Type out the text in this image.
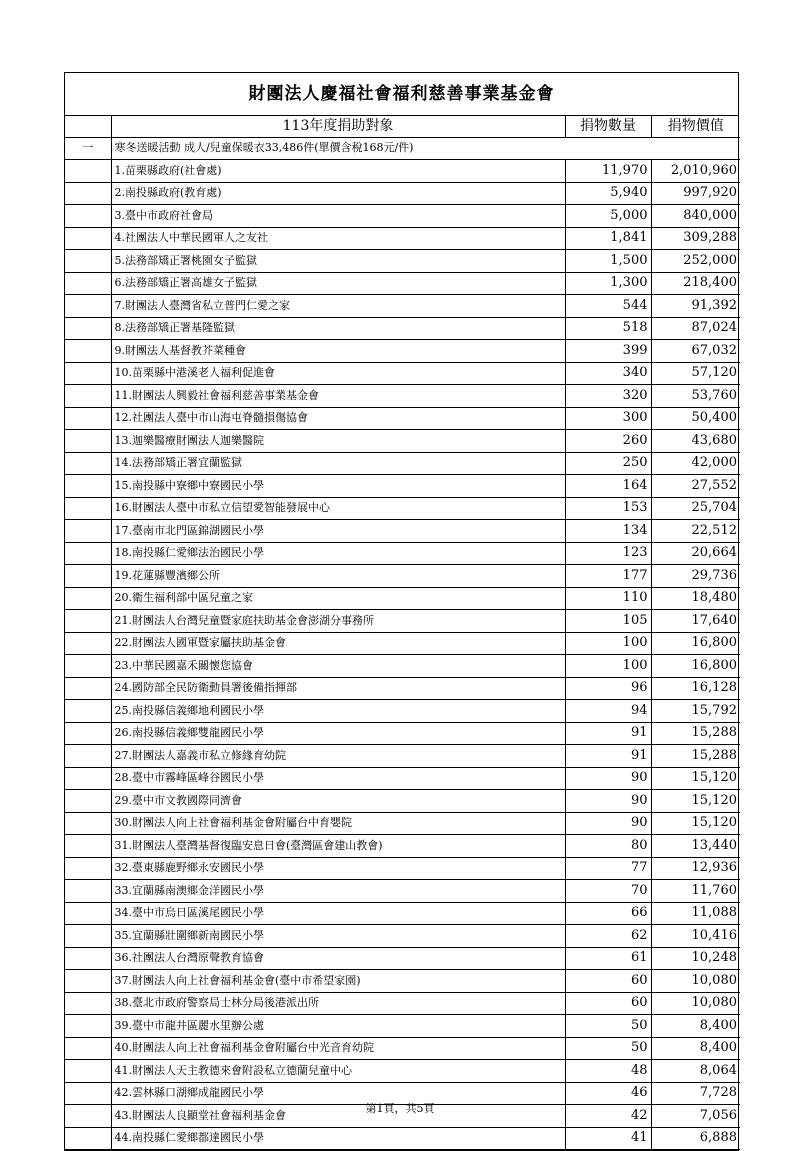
財團法人慶福社會福利慈善事業基金會
	113年度捐助對象	捐物數量	捐物價值
一	寒冬送暖活動 成人/兒童保暖衣33,486件(單價含稅168元/件)		
	1.苗栗縣政府(社會處)	11,970	2,010,960
	2.南投縣政府(教育處)	5,940	997,920
	3.臺中市政府社會局	5,000	840,000
	4.社團法人中華民國軍人之友社	1,841	309,288
	5.法務部矯正署桃園女子監獄	1,500	252,000
	6.法務部矯正署高雄女子監獄	1,300	218,400
	7.財團法人臺灣省私立普門仁愛之家	544	91,392
	8.法務部矯正署基隆監獄	518	87,024
	9.財團法人基督教芥菜種會	399	67,032
	10.苗栗縣中港溪老人福利促進會	340	57,120
	11.財團法人興毅社會福利慈善事業基金會	320	53,760
	12.社團法人臺中市山海屯脊髓損傷協會	300	50,400
	13.迦樂醫療財團法人迦樂醫院	260	43,680
	14.法務部矯正署宜蘭監獄	250	42,000
	15.南投縣中寮鄉中寮國民小學	164	27,552
	16.財團法人臺中市私立信望愛智能發展中心	153	25,704
	17.臺南市北門區錦湖國民小學	134	22,512
	18.南投縣仁愛鄉法治國民小學	123	20,664
	19.花蓮縣豐濱鄉公所	177	29,736
	20.衛生福利部中區兒童之家	110	18,480
	21.財團法人台灣兒童暨家庭扶助基金會澎湖分事務所	105	17,640
	22.財團法人國軍暨家屬扶助基金會	100	16,800
	23.中華民國嘉禾關懷您協會	100	16,800
	24.國防部全民防衛動員署後備指揮部	96	16,128
	25.南投縣信義鄉地利國民小學	94	15,792
	26.南投縣信義鄉雙龍國民小學	91	15,288
	27.財團法人嘉義市私立修緣育幼院	91	15,288
	28.臺中市霧峰區峰谷國民小學	90	15,120
	29.臺中市文教國際同濟會	90	15,120
	30.財團法人向上社會福利基金會附屬台中育嬰院	90	15,120
	31.財團法人臺灣基督復臨安息日會(臺灣區會建山教會)	80	13,440
	32.臺東縣鹿野鄉永安國民小學	77	12,936
	33.宜蘭縣南澳鄉金洋國民小學	70	11,760
	34.臺中市烏日區溪尾國民小學	66	11,088
	35.宜蘭縣壯圍鄉新南國民小學	62	10,416
	36.社團法人台灣原聲教育協會	61	10,248
	37.財團法人向上社會福利基金會(臺中市希望家園)	60	10,080
	38.臺北市政府警察局士林分局後港派出所	60	10,080
	39.臺中市龍井區麗水里辦公處	50	8,400
	40.財團法人向上社會福利基金會附屬台中光音育幼院	50	8,400
	41.財團法人天主教德來會附設私立德蘭兒童中心	48	8,064
	42.雲林縣口湖鄉成龍國民小學	46	7,728
	43.財團法人良顯堂社會福利基金會	42	7,056
	44.南投縣仁愛鄉都達國民小學	41	6,888
第1頁，共5頁
